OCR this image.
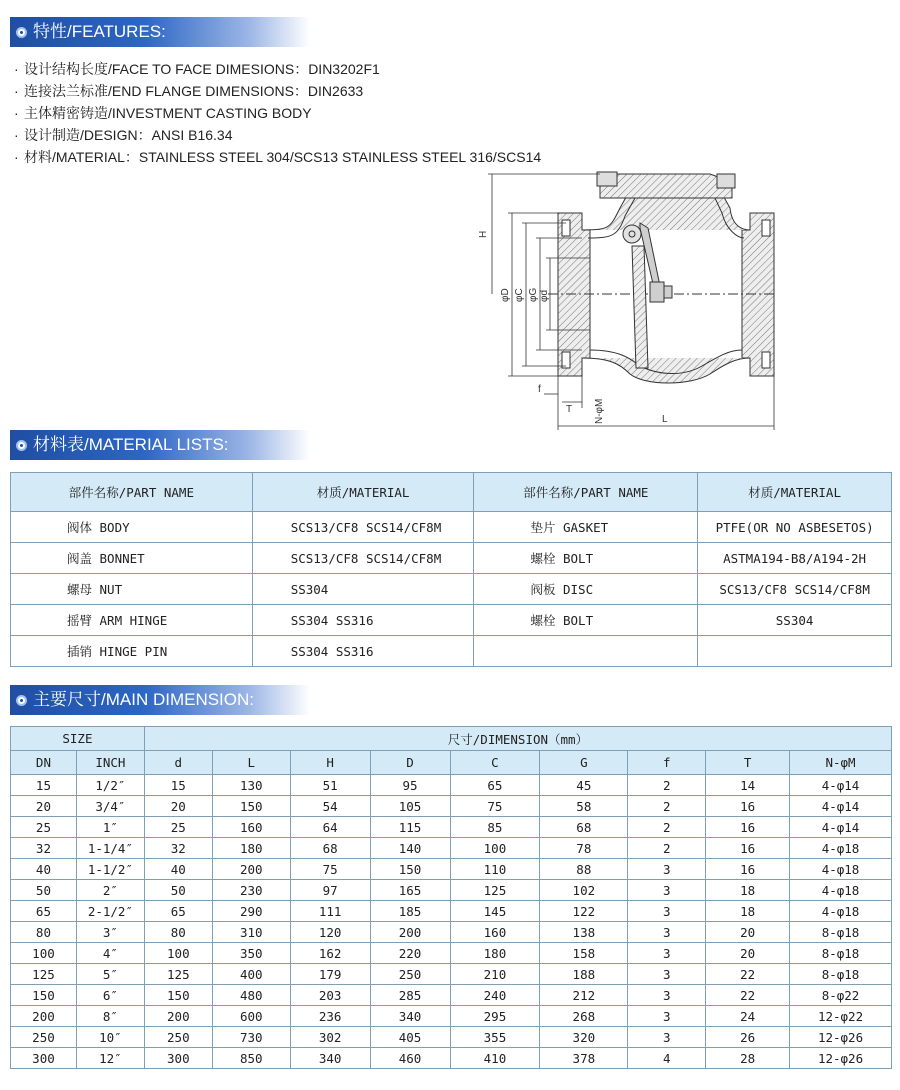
特性/FEATURES:
· 设计结构长度/FACE TO FACE DIMESIONS：DIN3202F1
· 连接法兰标准/END FLANGE DIMENSIONS：DIN2633
· 主体精密铸造/INVESTMENT CASTING BODY
· 设计制造/DESIGN：ANSI B16.34
· 材料/MATERIAL：STAINLESS STEEL 304/SCS13 STAINLESS STEEL 316/SCS14
H
φD φC φG φd
f
T N-φM	L
材料表/MATERIAL LISTS:
部件名称/PART NAME	材质/MATERIAL	部件名称/PART NAME	材质/MATERIAL
阀体 BODY	SCS13/CF8 SCS14/CF8M	垫片 GASKET	PTFE(OR NO ASBESETOS)
阀盖 BONNET	SCS13/CF8 SCS14/CF8M	螺栓 BOLT	ASTMA194-B8/A194-2H
螺母 NUT	SS304	阀板 DISC	SCS13/CF8 SCS14/CF8M
摇臂 ARM HINGE	SS304 SS316	螺栓 BOLT	SS304
插销 HINGE PIN	SS304 SS316		
主要尺寸/MAIN DIMENSION:
SIZE		尺寸/DIMENSION（mm）								
DN	INCH	d	L	H	D	C	G	f	T	N-φM
15	1/2″	15	130	51	95	65	45	2	14	4-φ14
20	3/4″	20	150	54	105	75	58	2	16	4-φ14
25	1″	25	160	64	115	85	68	2	16	4-φ14
32	1-1/4″	32	180	68	140	100	78	2	16	4-φ18
40	1-1/2″	40	200	75	150	110	88	3	16	4-φ18
50	2″	50	230	97	165	125	102	3	18	4-φ18
65	2-1/2″	65	290	111	185	145	122	3	18	4-φ18
80	3″	80	310	120	200	160	138	3	20	8-φ18
100	4″	100	350	162	220	180	158	3	20	8-φ18
125	5″	125	400	179	250	210	188	3	22	8-φ18
150	6″	150	480	203	285	240	212	3	22	8-φ22
200	8″	200	600	236	340	295	268	3	24	12-φ22
250	10″	250	730	302	405	355	320	3	26	12-φ26
300	12″	300	850	340	460	410	378	4	28	12-φ26
